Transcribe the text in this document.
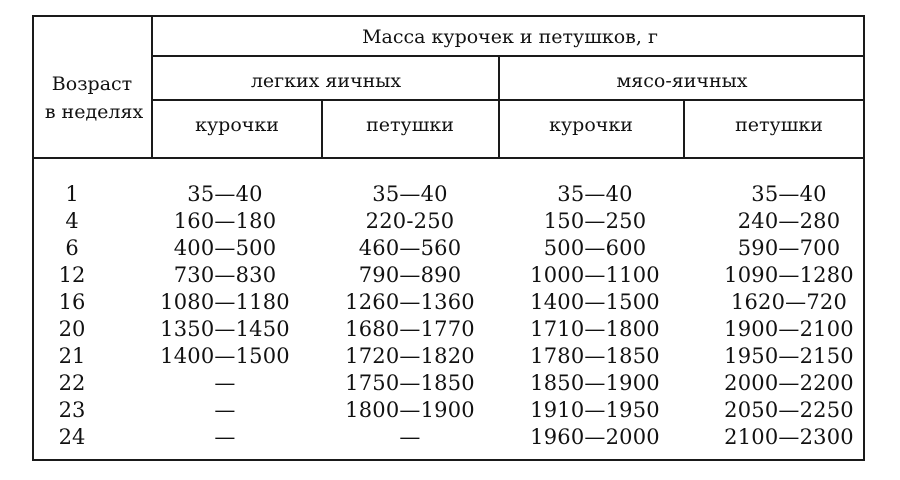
Возраст
в неделях
Масса курочек и петушков, г
легких яичных	мясо-яичных
курочки	петушки	курочки	петушки
1	35—40	35—40	35—40	35—40
4	160—180	220-250	150—250	240—280
6	400—500	460—560	500—600	590—700
12	730—830	790—890	1000—1100	1090—1280
16	1080—1180	1260—1360	1400—1500	1620—720
20	1350—1450	1680—1770	1710—1800	1900—2100
21	1400—1500	1720—1820	1780—1850	1950—2150
22	—	1750—1850	1850—1900	2000—2200
23	—	1800—1900	1910—1950	2050—2250
24	—	—	1960—2000	2100—2300
